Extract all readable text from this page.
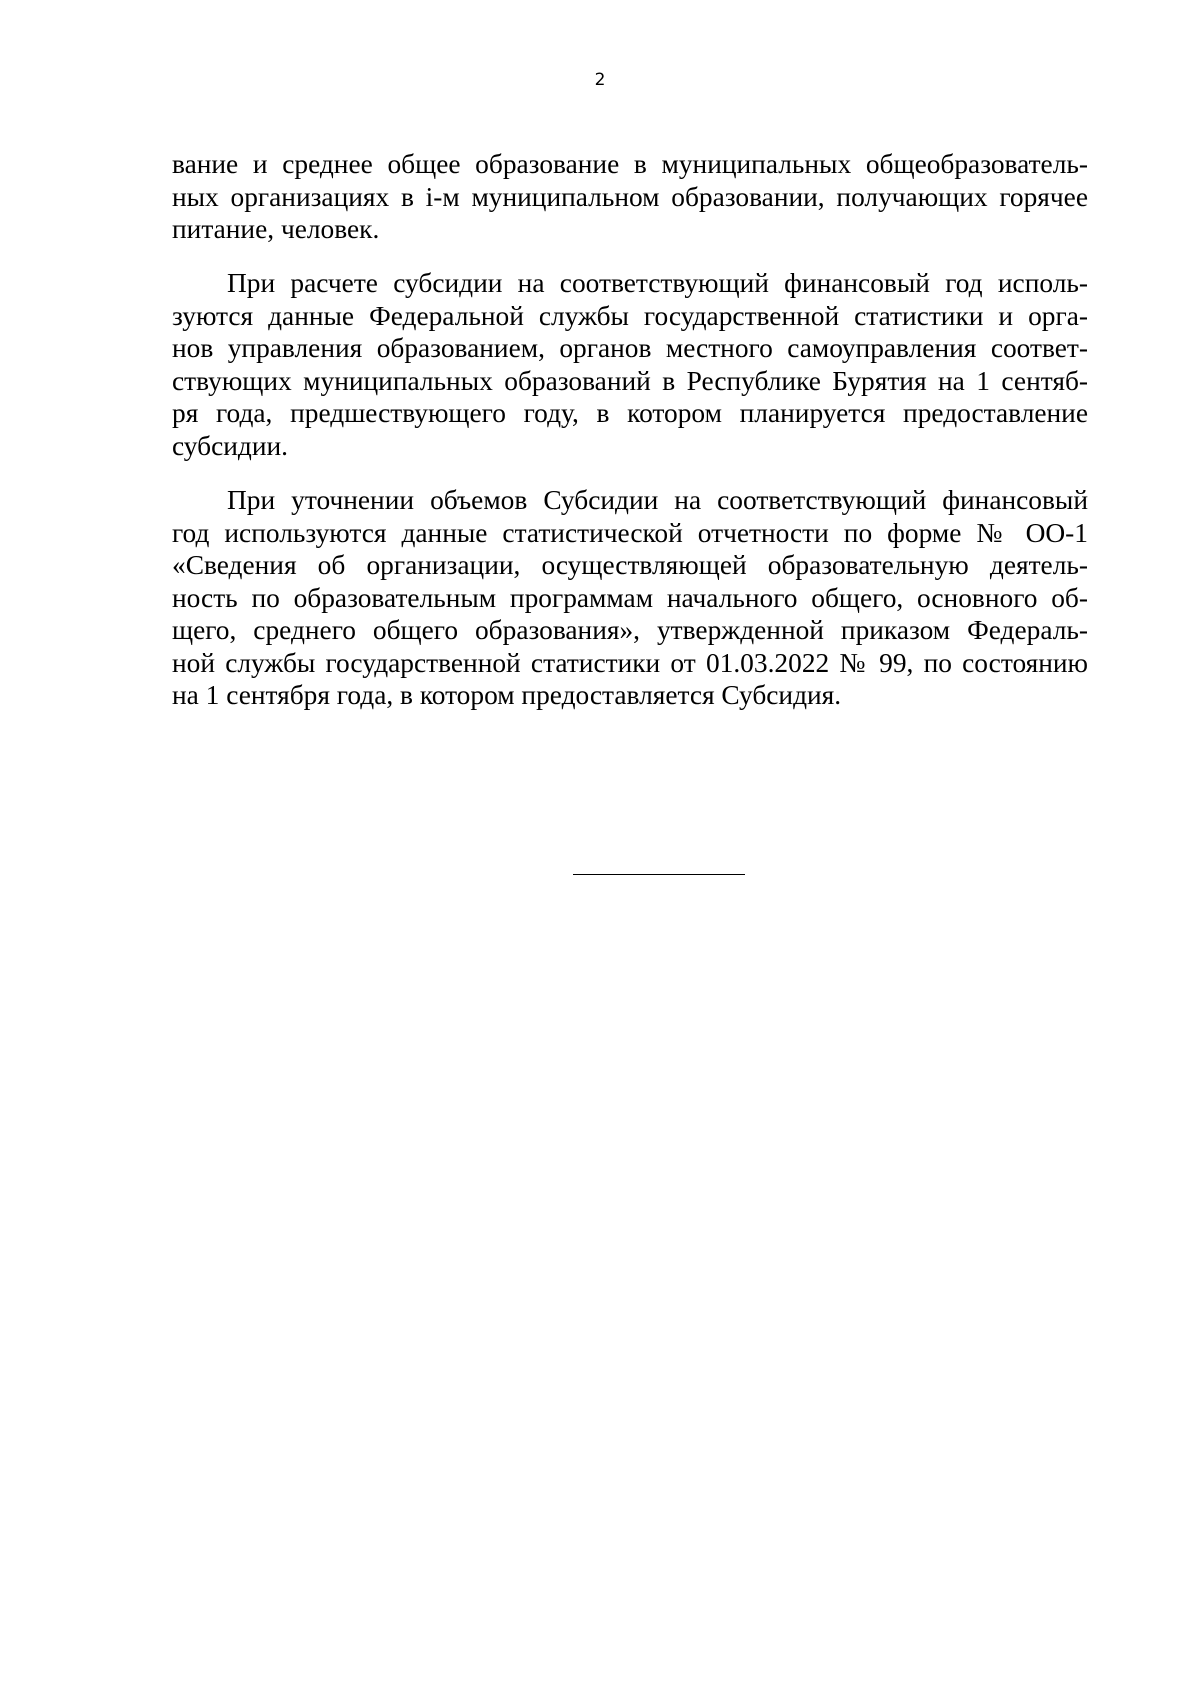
2
вание и среднее общее образование в муниципальных общеобразователь-
ных организациях в i-м муниципальном образовании, получающих горячее
питание, человек.
При расчете субсидии на соответствующий финансовый год исполь-
зуются данные Федеральной службы государственной статистики и орга-
нов управления образованием, органов местного самоуправления соответ-
ствующих муниципальных образований в Республике Бурятия на 1 сентяб-
ря года, предшествующего году, в котором планируется предоставление
субсидии.
При уточнении объемов Субсидии на соответствующий финансовый
год используются данные статистической отчетности по форме № ОО-1
«Сведения об организации, осуществляющей образовательную деятель-
ность по образовательным программам начального общего, основного об-
щего, среднего общего образования», утвержденной приказом Федераль-
ной службы государственной статистики от 01.03.2022 № 99, по состоянию
на 1 сентября года, в котором предоставляется Субсидия.
